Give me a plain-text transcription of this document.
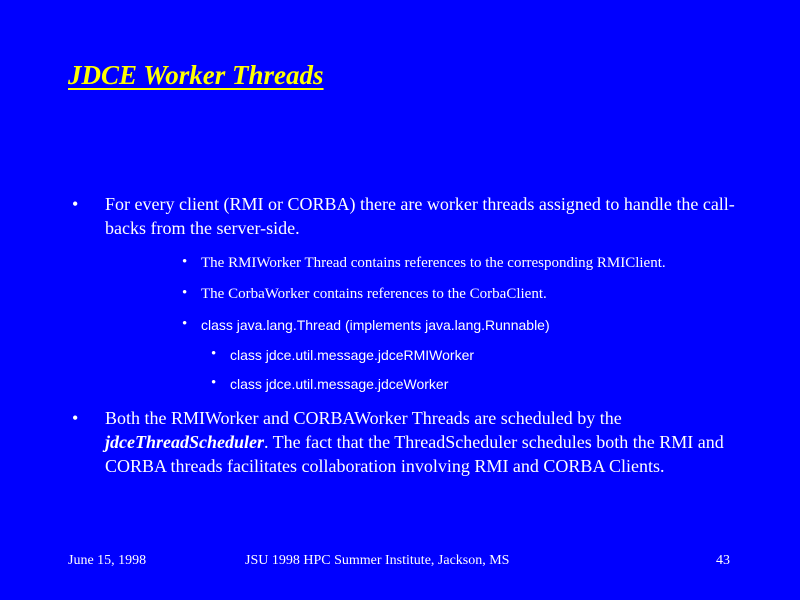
JDCE Worker Threads
•	For every client (RMI or CORBA) there are worker threads assigned to handle the call-backs from the server-side.
• The RMIWorker Thread contains references to the corresponding RMIClient.
• The CorbaWorker contains references to the CorbaClient.
• class java.lang.Thread (implements java.lang.Runnable)
• class jdce.util.message.jdceRMIWorker
• class jdce.util.message.jdceWorker
•	Both the RMIWorker and CORBAWorker Threads are scheduled by the jdceThreadScheduler. The fact that the ThreadScheduler schedules both the RMI and CORBA threads facilitates collaboration involving RMI and CORBA Clients.
June 15, 1998	JSU 1998 HPC Summer Institute, Jackson, MS	43
